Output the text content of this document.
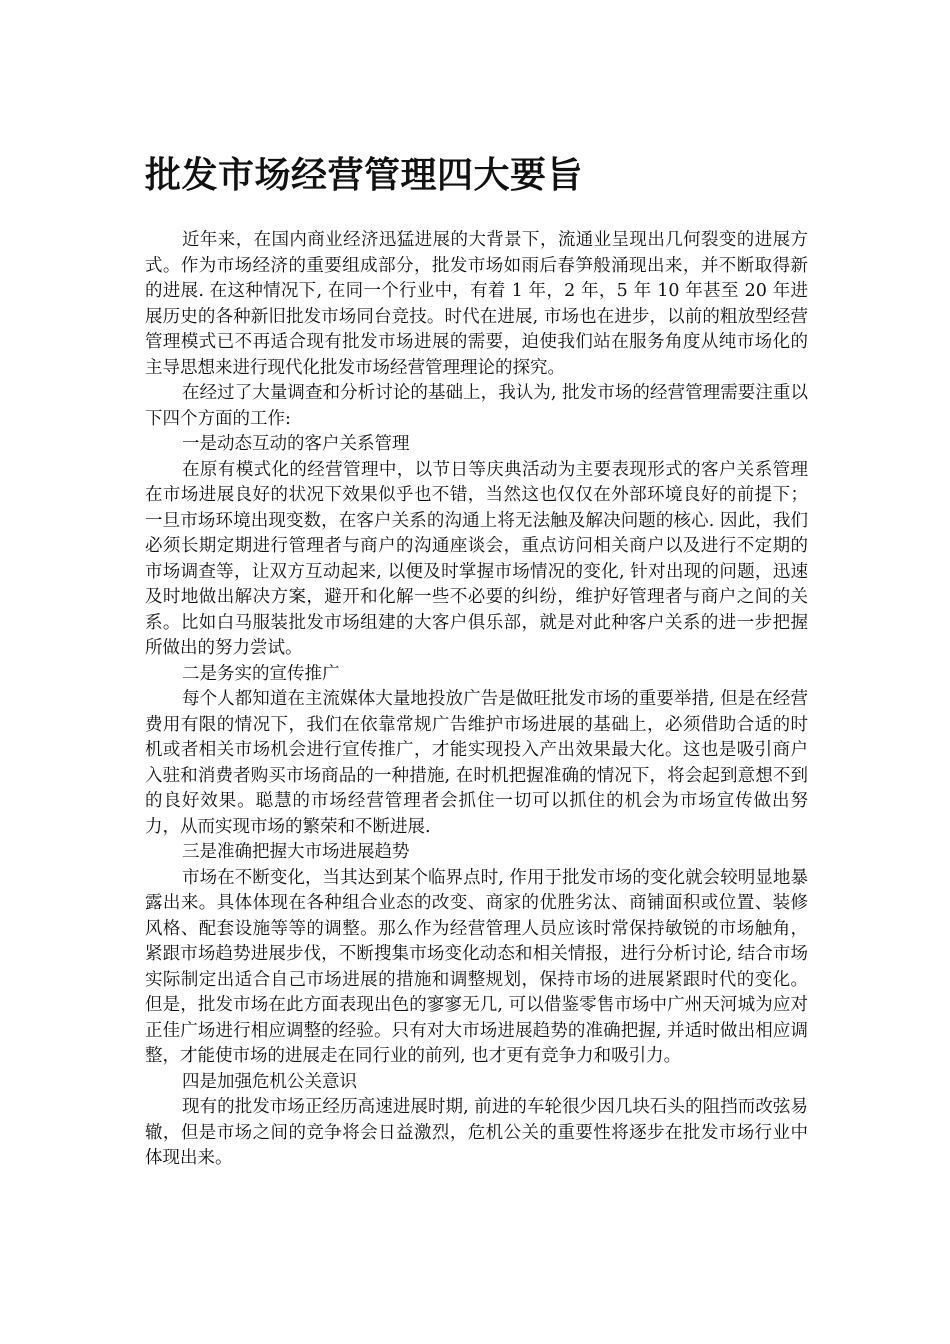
批发市场经营管理四大要旨

近年来，在国内商业经济迅猛进展的大背景下，流通业呈现出几何裂变的进展方式。作为市场经济的重要组成部分，批发市场如雨后春笋般涌现出来，并不断取得新的进展. 在这种情况下, 在同一个行业中，有着 1 年，2 年，5 年 10 年甚至 20 年进展历史的各种新旧批发市场同台竞技。时代在进展, 市场也在进步，以前的粗放型经营管理模式已不再适合现有批发市场进展的需要，迫使我们站在服务角度从纯市场化的主导思想来进行现代化批发市场经营管理理论的探究。

在经过了大量调查和分析讨论的基础上，我认为, 批发市场的经营管理需要注重以下四个方面的工作:

一是动态互动的客户关系管理

在原有模式化的经营管理中，以节日等庆典活动为主要表现形式的客户关系管理在市场进展良好的状况下效果似乎也不错，当然这也仅仅在外部环境良好的前提下；一旦市场环境出现变数，在客户关系的沟通上将无法触及解决问题的核心. 因此，我们必须长期定期进行管理者与商户的沟通座谈会，重点访问相关商户以及进行不定期的市场调查等，让双方互动起来, 以便及时掌握市场情况的变化, 针对出现的问题，迅速及时地做出解决方案，避开和化解一些不必要的纠纷，维护好管理者与商户之间的关系。比如白马服装批发市场组建的大客户俱乐部，就是对此种客户关系的进一步把握所做出的努力尝试。

二是务实的宣传推广

每个人都知道在主流媒体大量地投放广告是做旺批发市场的重要举措, 但是在经营费用有限的情况下，我们在依靠常规广告维护市场进展的基础上，必须借助合适的时机或者相关市场机会进行宣传推广，才能实现投入产出效果最大化。这也是吸引商户入驻和消费者购买市场商品的一种措施, 在时机把握准确的情况下，将会起到意想不到的良好效果。聪慧的市场经营管理者会抓住一切可以抓住的机会为市场宣传做出努力，从而实现市场的繁荣和不断进展.

三是准确把握大市场进展趋势

市场在不断变化，当其达到某个临界点时, 作用于批发市场的变化就会较明显地暴露出来。具体体现在各种组合业态的改变、商家的优胜劣汰、商铺面积或位置、装修风格、配套设施等等的调整。那么作为经营管理人员应该时常保持敏锐的市场触角，紧跟市场趋势进展步伐，不断搜集市场变化动态和相关情报，进行分析讨论, 结合市场实际制定出适合自己市场进展的措施和调整规划，保持市场的进展紧跟时代的变化。但是，批发市场在此方面表现出色的寥寥无几, 可以借鉴零售市场中广州天河城为应对正佳广场进行相应调整的经验。只有对大市场进展趋势的准确把握, 并适时做出相应调整，才能使市场的进展走在同行业的前列, 也才更有竞争力和吸引力。

四是加强危机公关意识

现有的批发市场正经历高速进展时期, 前进的车轮很少因几块石头的阻挡而改弦易辙，但是市场之间的竞争将会日益激烈，危机公关的重要性将逐步在批发市场行业中体现出来。
